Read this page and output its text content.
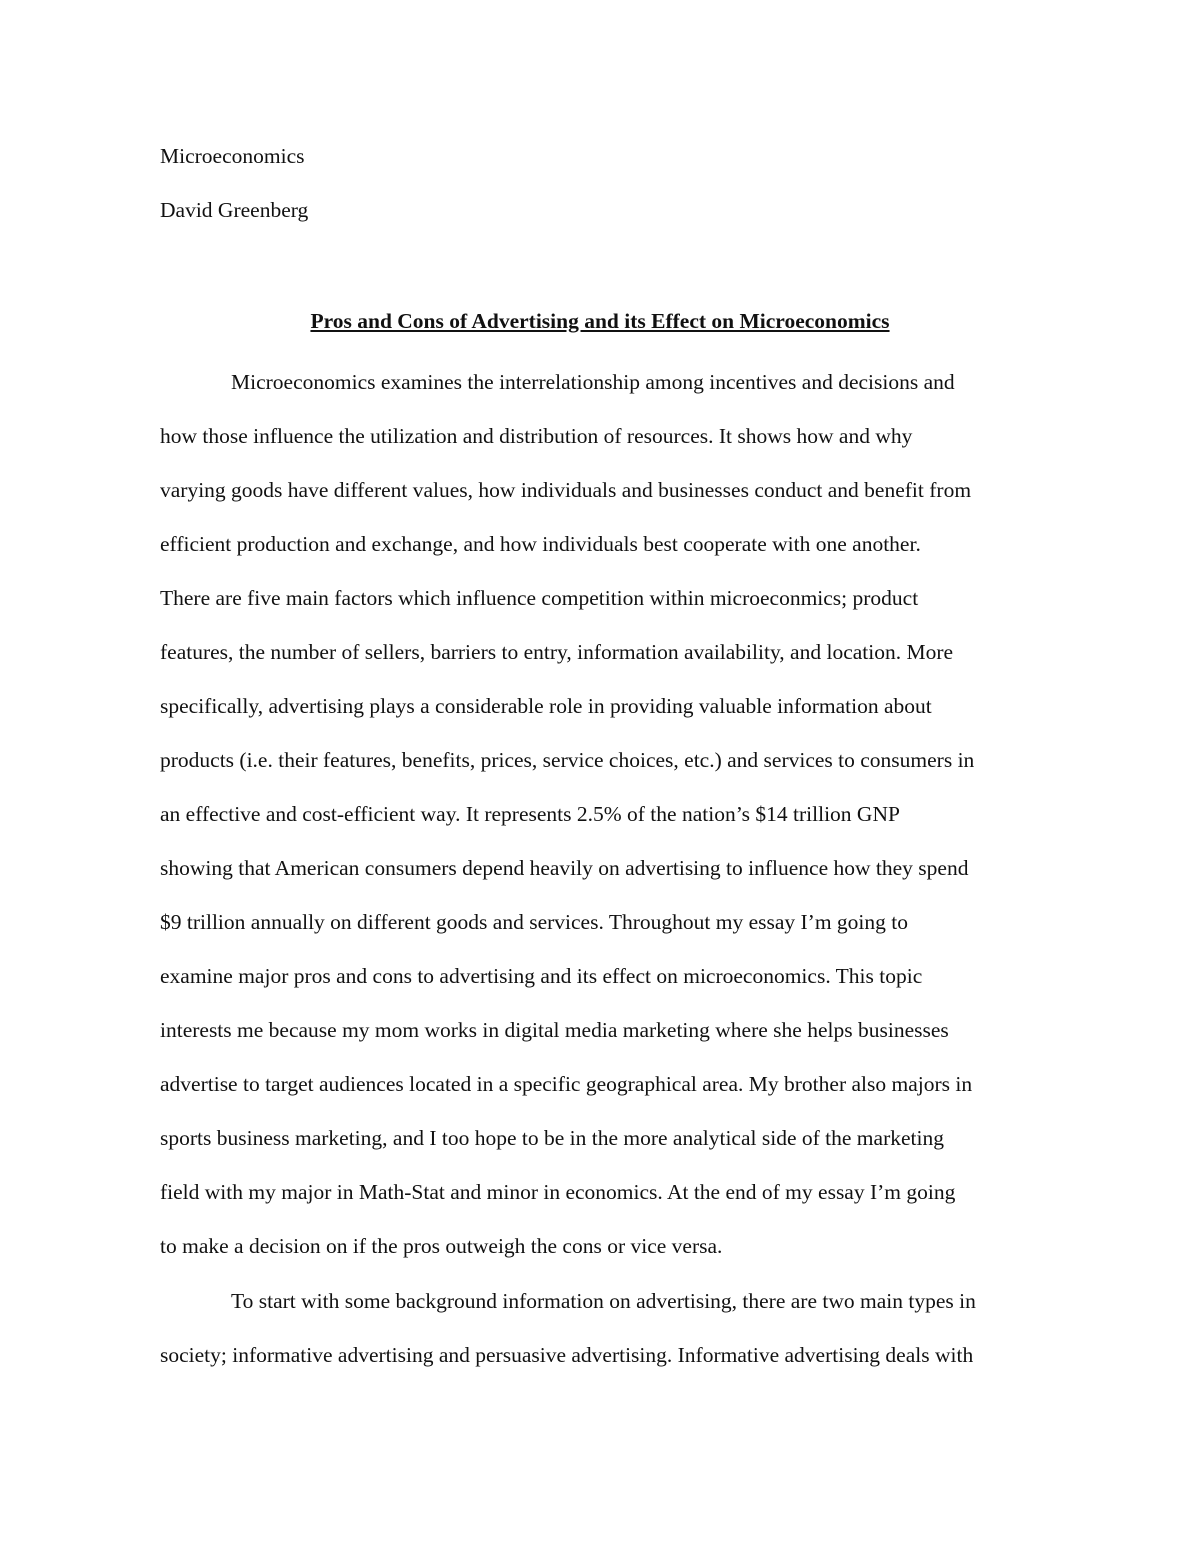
Microeconomics
David Greenberg
Pros and Cons of Advertising and its Effect on Microeconomics
Microeconomics examines the interrelationship among incentives and decisions and
how those influence the utilization and distribution of resources. It shows how and why
varying goods have different values, how individuals and businesses conduct and benefit from
efficient production and exchange, and how individuals best cooperate with one another.
There are five main factors which influence competition within microeconmics; product
features, the number of sellers, barriers to entry, information availability, and location. More
specifically, advertising plays a considerable role in providing valuable information about
products (i.e. their features, benefits, prices, service choices, etc.) and services to consumers in
an effective and cost-efficient way. It represents 2.5% of the nation’s $14 trillion GNP
showing that American consumers depend heavily on advertising to influence how they spend
$9 trillion annually on different goods and services. Throughout my essay I’m going to
examine major pros and cons to advertising and its effect on microeconomics. This topic
interests me because my mom works in digital media marketing where she helps businesses
advertise to target audiences located in a specific geographical area. My brother also majors in
sports business marketing, and I too hope to be in the more analytical side of the marketing
field with my major in Math-Stat and minor in economics. At the end of my essay I’m going
to make a decision on if the pros outweigh the cons or vice versa.
To start with some background information on advertising, there are two main types in
society; informative advertising and persuasive advertising. Informative advertising deals with
